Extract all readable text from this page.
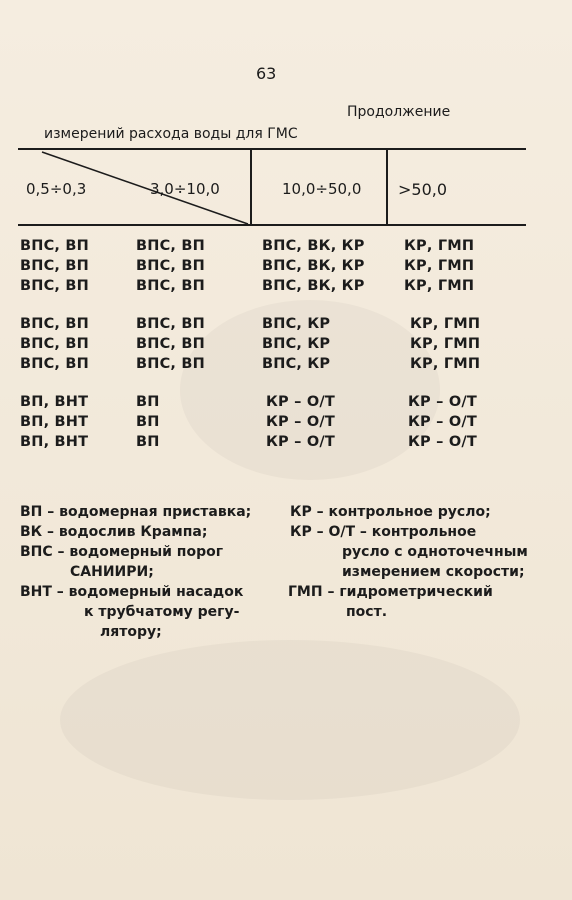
63
Продолжение
измерений расхода воды для ГМС
0,5÷0,3	3,0÷10,0	10,0÷50,0 >50,0
ВПС, ВП	ВПС, ВП	ВПС, ВК, КР	КР, ГМП
ВПС, ВП	ВПС, ВП	ВПС, ВК, КР	КР, ГМП
ВПС, ВП	ВПС, ВП	ВПС, ВК, КР	КР, ГМП
ВПС, ВП	ВПС, ВП	ВПС, КР	КР, ГМП
ВПС, ВП	ВПС, ВП	ВПС, КР	КР, ГМП
ВПС, ВП	ВПС, ВП	ВПС, КР	КР, ГМП
ВП, ВНТ	ВП	КР – О/Т	КР – О/Т
ВП, ВНТ	ВП	КР – О/Т	КР – О/Т
ВП, ВНТ	ВП	КР – О/Т	КР – О/Т
ВП – водомерная приставка;
ВК – водослив Крампа;
ВПС – водомерный порог
САНИИРИ;
ВНТ – водомерный насадок
к трубчатому регу-
лятору;
КР – контрольное русло;
КР – О/Т – контрольное
русло с одноточечным
измерением скорости;
ГМП – гидрометрический
пост.
